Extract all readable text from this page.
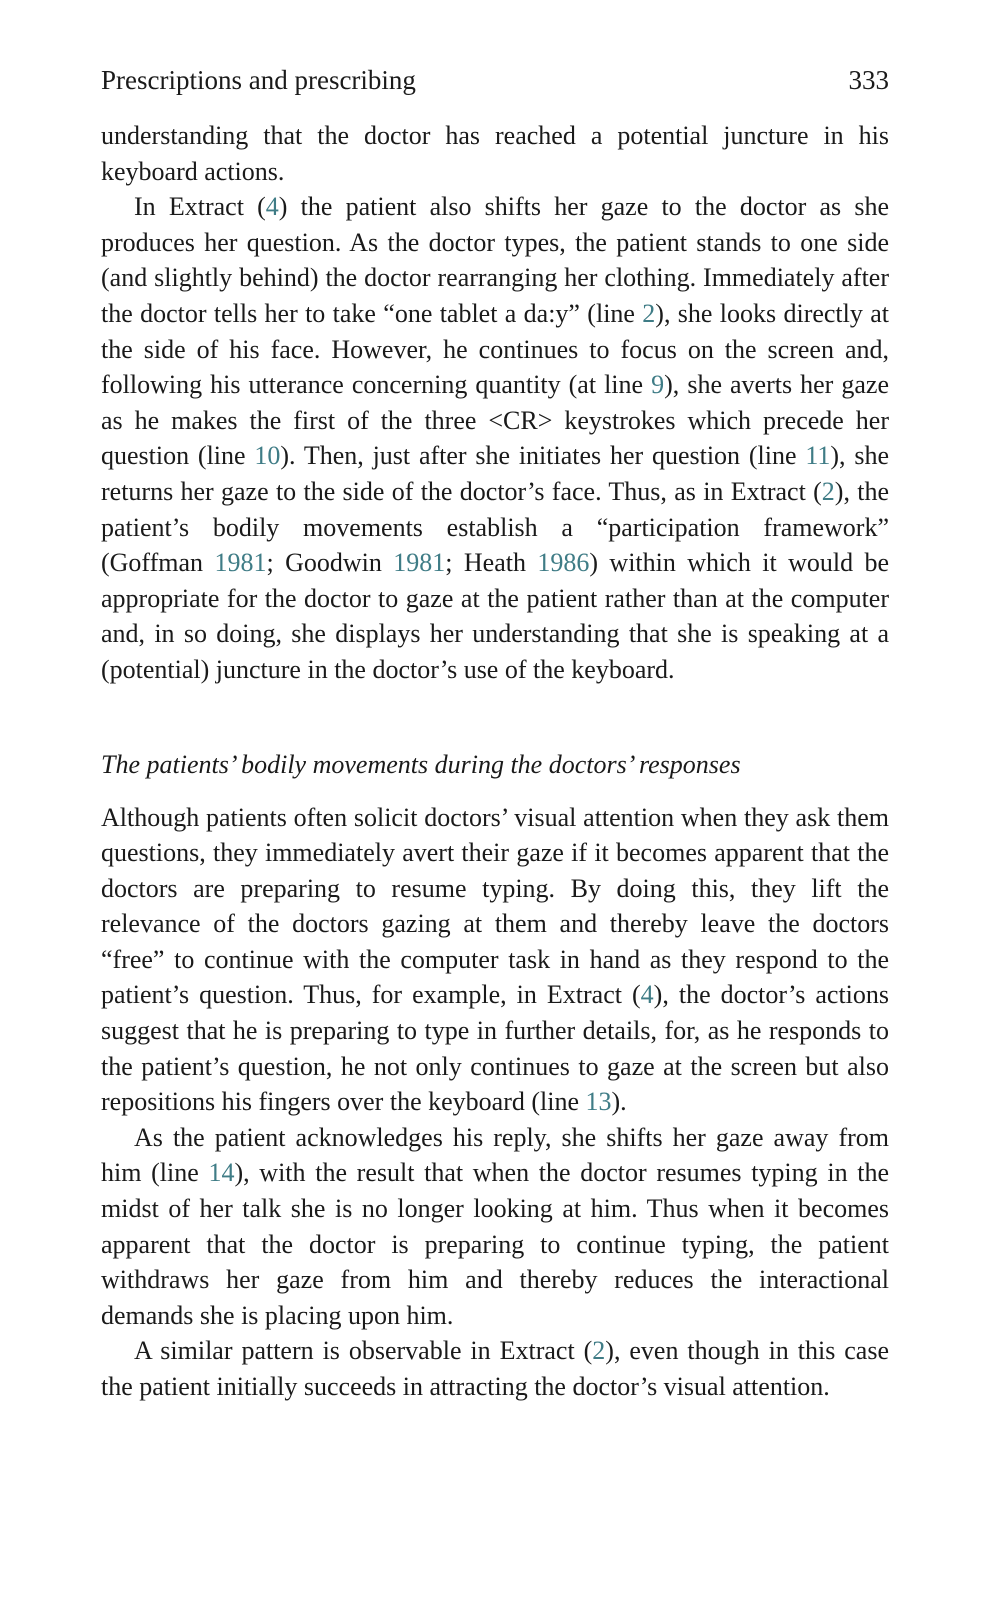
Prescriptions and prescribing	333

understanding that the doctor has reached a potential juncture in his keyboard actions.

In Extract (4) the patient also shifts her gaze to the doctor as she produces her question. As the doctor types, the patient stands to one side (and slightly behind) the doctor rearranging her clothing. Immediately after the doctor tells her to take “one tablet a da:y” (line 2), she looks directly at the side of his face. However, he continues to focus on the screen and, following his utterance concerning quantity (at line 9), she averts her gaze as he makes the first of the three <CR> keystrokes which precede her question (line 10). Then, just after she initiates her question (line 11), she returns her gaze to the side of the doctor’s face. Thus, as in Extract (2), the patient’s bodily movements establish a “participation framework” (Goffman 1981; Goodwin 1981; Heath 1986) within which it would be appropriate for the doctor to gaze at the patient rather than at the computer and, in so doing, she displays her understanding that she is speaking at a (potential) juncture in the doctor’s use of the keyboard.

The patients’ bodily movements during the doctors’ responses

Although patients often solicit doctors’ visual attention when they ask them questions, they immediately avert their gaze if it becomes apparent that the doctors are preparing to resume typing. By doing this, they lift the relevance of the doctors gazing at them and thereby leave the doctors “free” to continue with the computer task in hand as they respond to the patient’s question. Thus, for example, in Extract (4), the doctor’s actions suggest that he is preparing to type in further details, for, as he responds to the patient’s question, he not only continues to gaze at the screen but also repositions his fingers over the keyboard (line 13).

As the patient acknowledges his reply, she shifts her gaze away from him (line 14), with the result that when the doctor resumes typing in the midst of her talk she is no longer looking at him. Thus when it becomes apparent that the doctor is preparing to continue typing, the patient withdraws her gaze from him and thereby reduces the interactional demands she is placing upon him.

A similar pattern is observable in Extract (2), even though in this case the patient initially succeeds in attracting the doctor’s visual attention.
